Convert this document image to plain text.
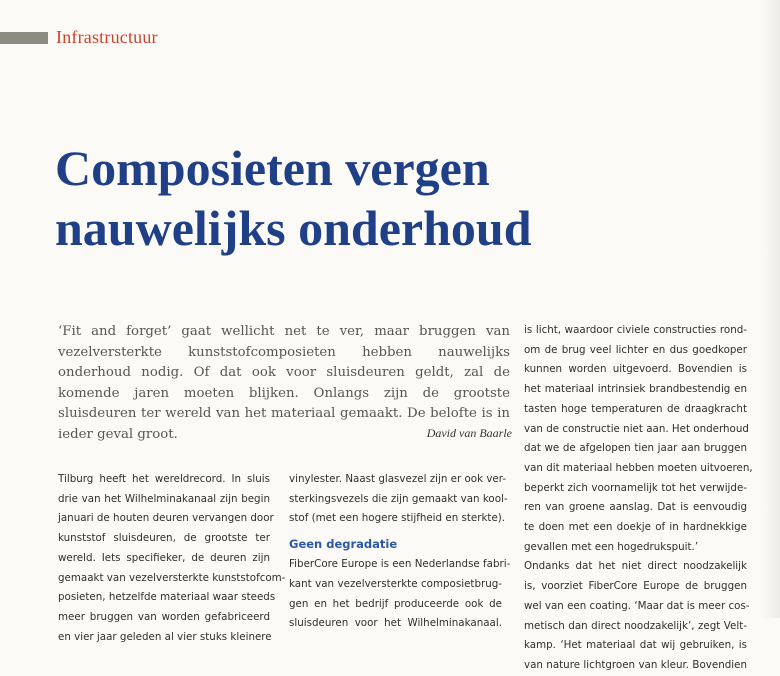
Infrastructuur
Composieten vergen
nauwelijks onderhoud

‘Fit and forget’ gaat wellicht net te ver, maar bruggen van vezelversterkte kunststofcomposieten hebben nauwelijks onderhoud nodig. Of dat ook voor sluisdeuren geldt, zal de komende jaren moeten blijken. Onlangs zijn de grootste sluisdeuren ter wereld van het materiaal gemaakt. De belofte is in ieder geval groot.	David van Baarle
Tilburg heeft het wereldrecord. In sluis
drie van het Wilhelminakanaal zijn begin
januari de houten deuren vervangen door
kunststof sluisdeuren, de grootste ter
wereld. Iets specifieker, de deuren zijn
gemaakt van vezelversterkte kunststofcom-
posieten, hetzelfde materiaal waar steeds
meer bruggen van worden gefabriceerd
en vier jaar geleden al vier stuks kleinere
vinylester. Naast glasvezel zijn er ook ver-
sterkingsvezels die zijn gemaakt van kool-
stof (met een hogere stijfheid en sterkte).
Geen degradatie
FiberCore Europe is een Nederlandse fabri-
kant van vezelversterkte composietbrug-
gen en het bedrijf produceerde ook de
sluisdeuren voor het Wilhelminakanaal.
is licht, waardoor civiele constructies rond-
om de brug veel lichter en dus goedkoper
kunnen worden uitgevoerd. Bovendien is
het materiaal intrinsiek brandbestendig en
tasten hoge temperaturen de draagkracht
van de constructie niet aan. Het onderhoud
dat we de afgelopen tien jaar aan bruggen
van dit materiaal hebben moeten uitvoeren,
beperkt zich voornamelijk tot het verwijde-
ren van groene aanslag. Dat is eenvoudig
te doen met een doekje of in hardnekkige
gevallen met een hogedrukspuit.’
Ondanks dat het niet direct noodzakelijk
is, voorziet FiberCore Europe de bruggen
wel van een coating. ‘Maar dat is meer cos-
metisch dan direct noodzakelijk’, zegt Velt-
kamp. ‘Het materiaal dat wij gebruiken, is
van nature lichtgroen van kleur. Bovendien
